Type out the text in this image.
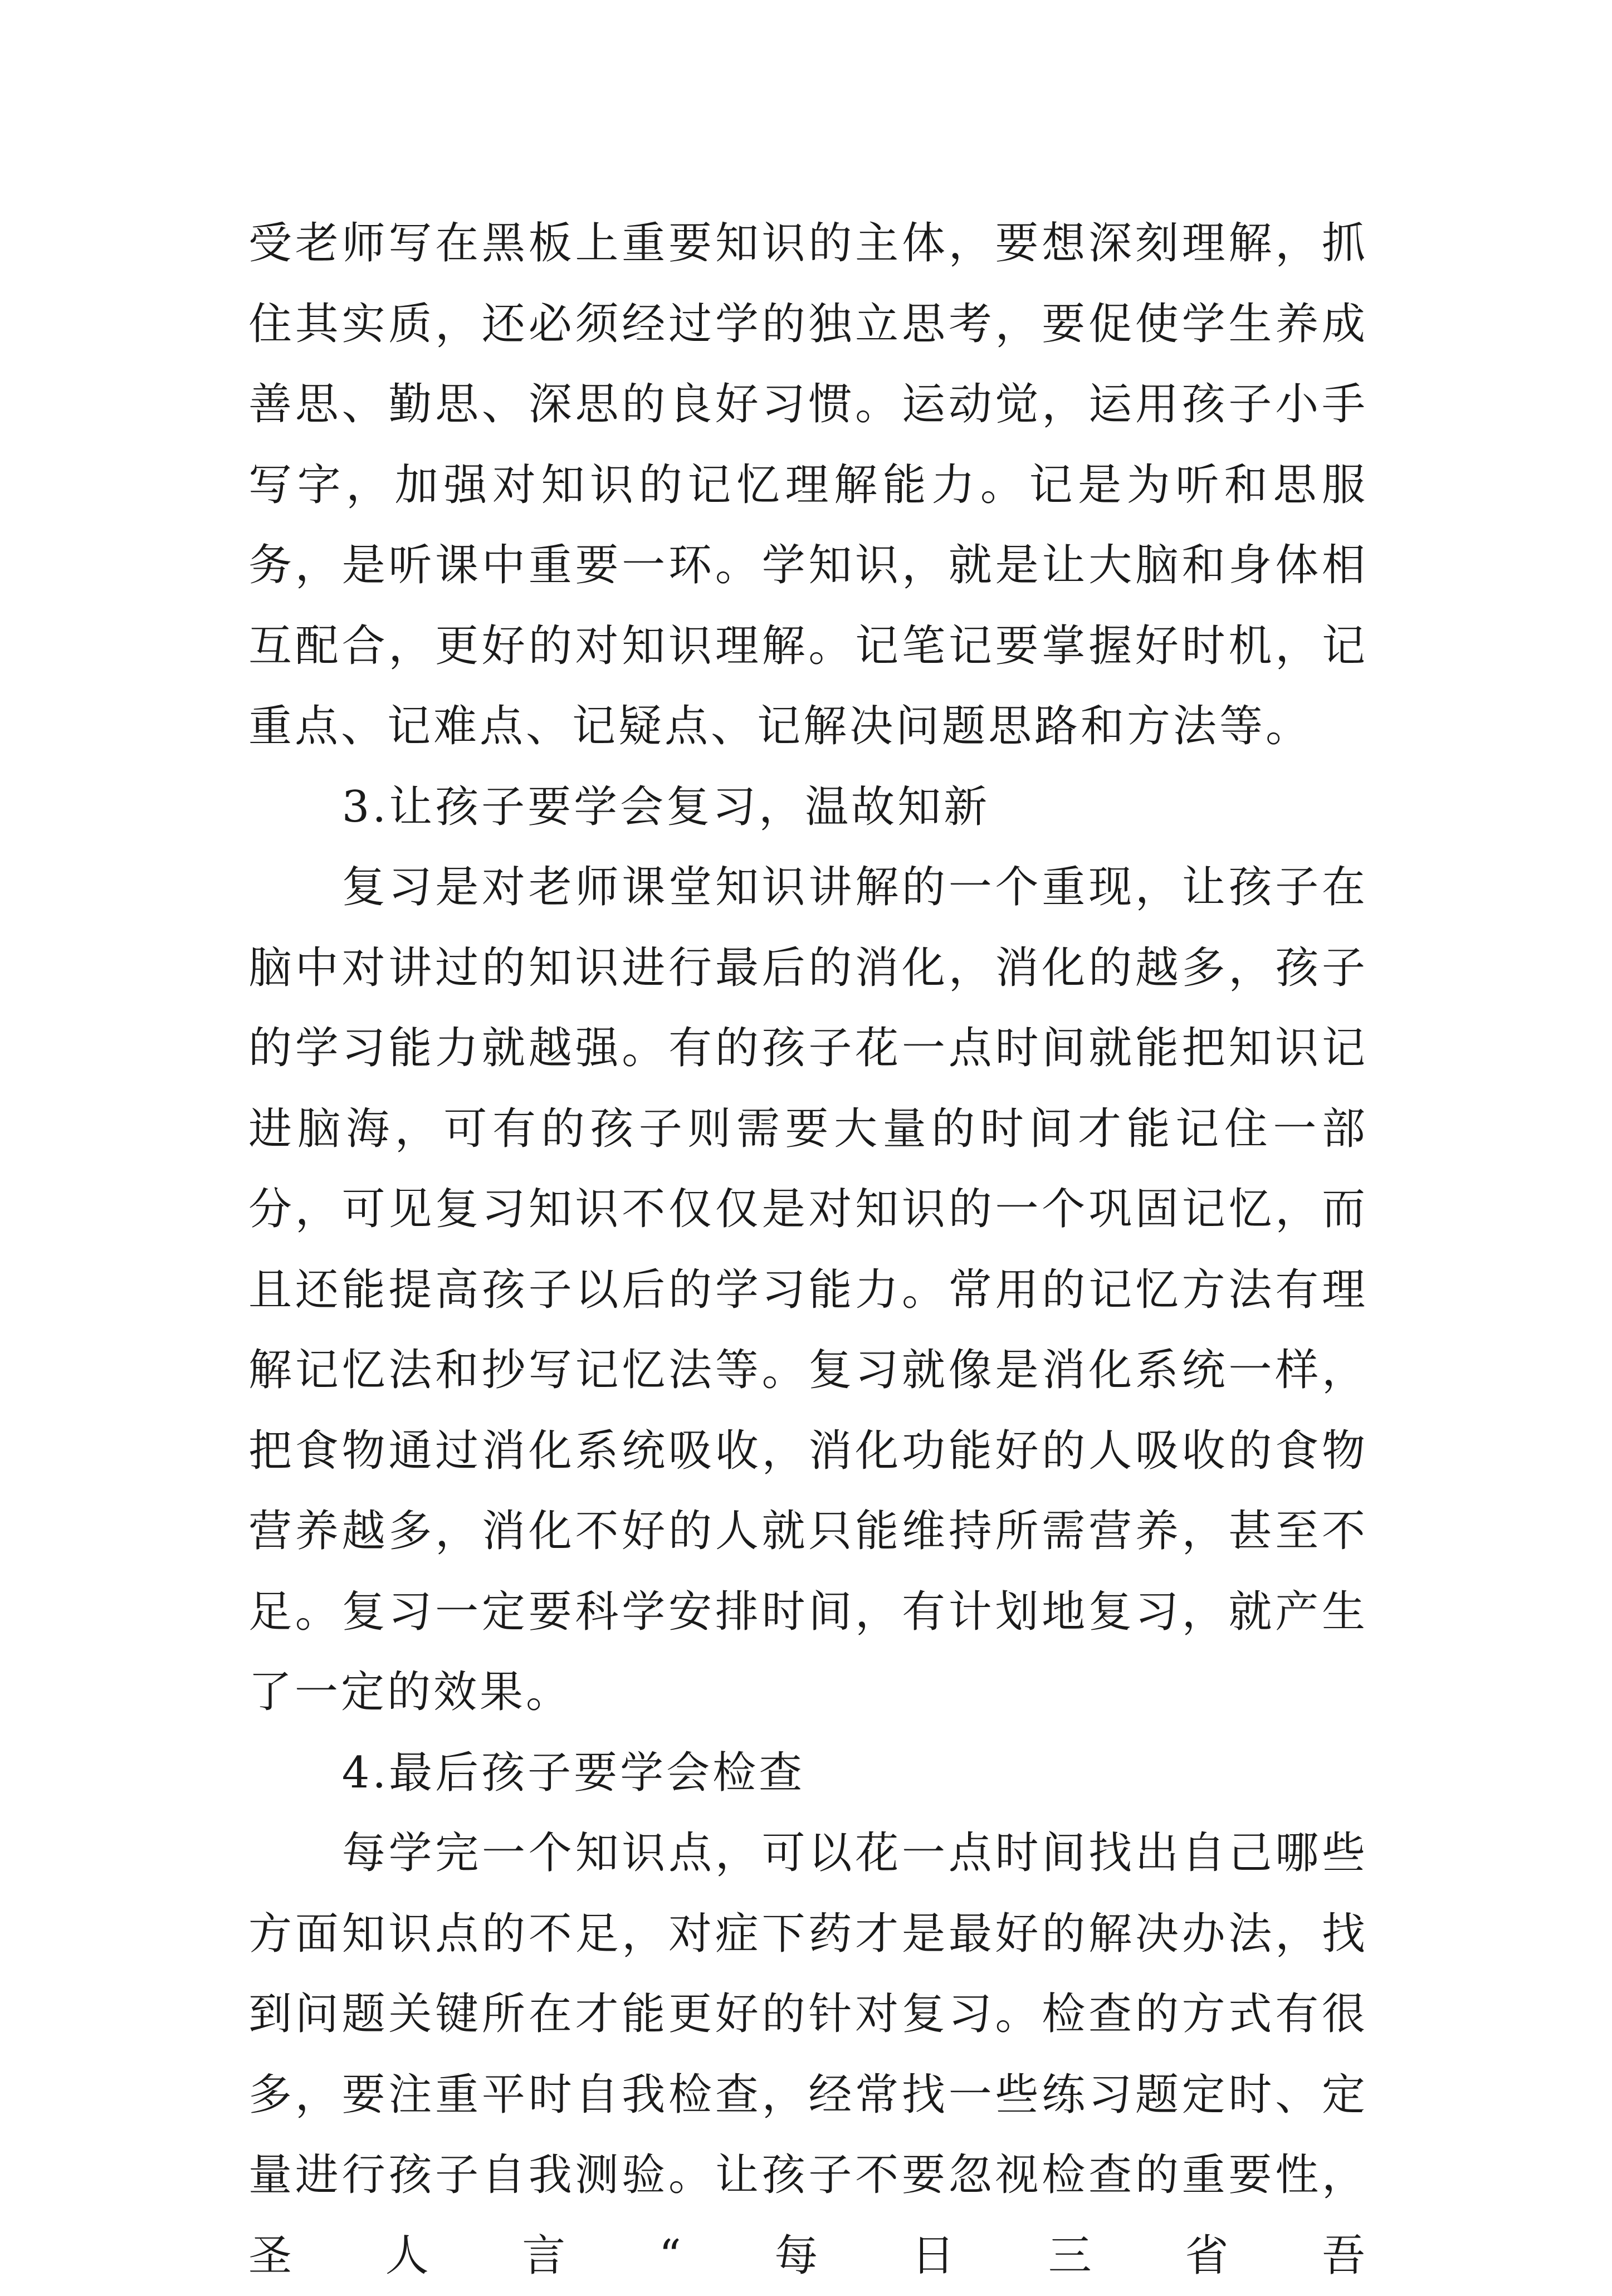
受老师写在黑板上重要知识的主体，要想深刻理解，抓住其实质，还必须经过学的独立思考，要促使学生养成善思、勤思、深思的良好习惯。运动觉，运用孩子小手写字，加强对知识的记忆理解能力。记是为听和思服务，是听课中重要一环。学知识，就是让大脑和身体相互配合，更好的对知识理解。记笔记要掌握好时机，记重点、记难点、记疑点、记解决问题思路和方法等。

3.让孩子要学会复习，温故知新

复习是对老师课堂知识讲解的一个重现，让孩子在脑中对讲过的知识进行最后的消化，消化的越多，孩子的学习能力就越强。有的孩子花一点时间就能把知识记进脑海，可有的孩子则需要大量的时间才能记住一部分，可见复习知识不仅仅是对知识的一个巩固记忆，而且还能提高孩子以后的学习能力。常用的记忆方法有理解记忆法和抄写记忆法等。复习就像是消化系统一样，把食物通过消化系统吸收，消化功能好的人吸收的食物营养越多，消化不好的人就只能维持所需营养，甚至不足。复习一定要科学安排时间，有计划地复习，就产生了一定的效果。

4.最后孩子要学会检查

每学完一个知识点，可以花一点时间找出自己哪些方面知识点的不足，对症下药才是最好的解决办法，找到问题关键所在才能更好的针对复习。检查的方式有很多，要注重平时自我检查，经常找一些练习题定时、定量进行孩子自我测验。让孩子不要忽视检查的重要性，圣人言“每日三省吾
